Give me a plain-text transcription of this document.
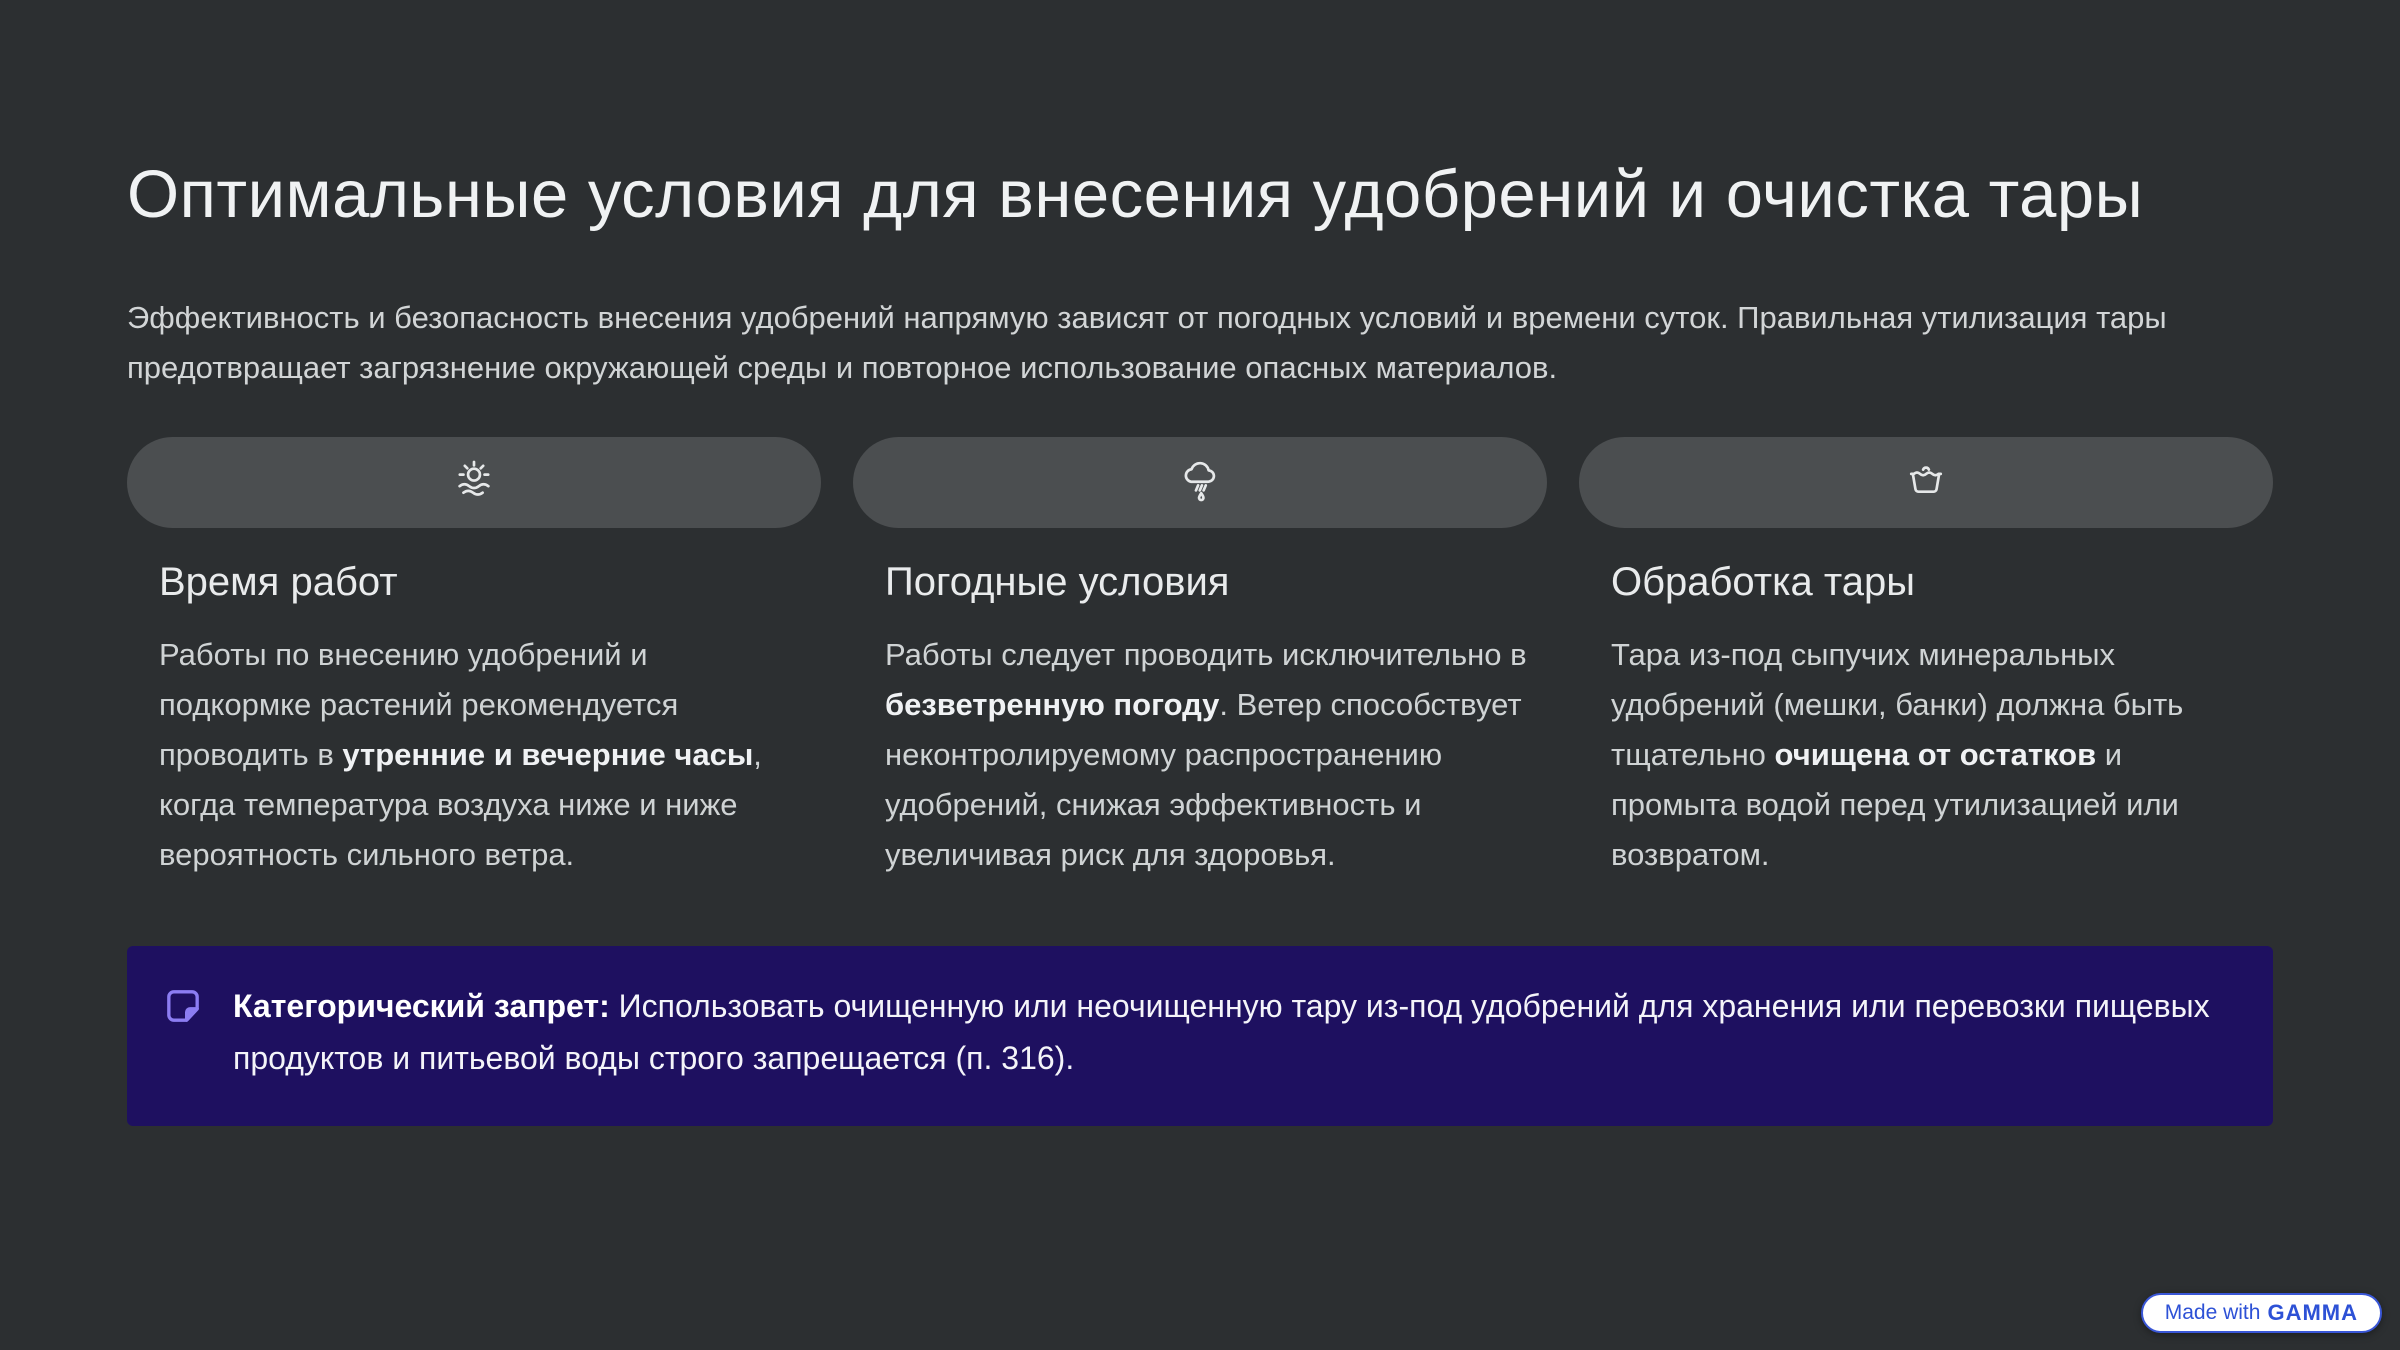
Оптимальные условия для внесения удобрений и очистка тары

Эффективность и безопасность внесения удобрений напрямую зависят от погодных условий и времени суток. Правильная утилизация тары предотвращает загрязнение окружающей среды и повторное использование опасных материалов.

Время работ

Работы по внесению удобрений и подкормке растений рекомендуется проводить в утренние и вечерние часы, когда температура воздуха ниже и ниже вероятность сильного ветра.

Погодные условия

Работы следует проводить исключительно в безветренную погоду. Ветер способствует неконтролируемому распространению удобрений, снижая эффективность и увеличивая риск для здоровья.

Обработка тары

Тара из-под сыпучих минеральных удобрений (мешки, банки) должна быть тщательно очищена от остатков и промыта водой перед утилизацией или возвратом.

Категорический запрет: Использовать очищенную или неочищенную тару из-под удобрений для хранения или перевозки пищевых продуктов и питьевой воды строго запрещается (п. 316).

Made with GAMMA
